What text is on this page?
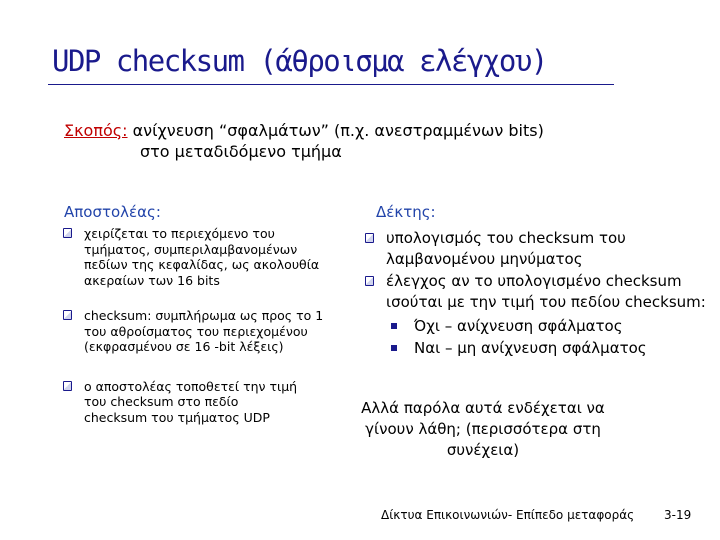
UDP checksum (άθροισμα ελέγχου)
Σκοπός: ανίχνευση “σφαλμάτων” (π.χ. ανεστραμμένων bits)
στο μεταδιδόμενο τμήμα
Αποστολέας:
χειρίζεται το περιεχόμενο του τμήματος, συμπεριλαμβανομένων πεδίων της κεφαλίδας, ως ακολουθία ακεραίων των 16 bits
checksum: συμπλήρωμα ως προς το 1 του αθροίσματος του περιεχομένου (εκφρασμένου σε 16 -bit λέξεις)
ο αποστολέας τοποθετεί την τιμή του checksum στο πεδίο checksum του τμήματος UDP
Δέκτης:
υπολογισμός του checksum του λαμβανομένου μηνύματος
έλεγχος αν το υπολογισμένο checksum ισούται με την τιμή του πεδίου checksum:
Όχι – ανίχνευση σφάλματος
Ναι – μη ανίχνευση σφάλματος
Αλλά παρόλα αυτά ενδέχεται να γίνουν λάθη; (περισσότερα στη συνέχεια)
Δίκτυα Επικοινωνιών- Επίπεδο μεταφοράς 3-19
